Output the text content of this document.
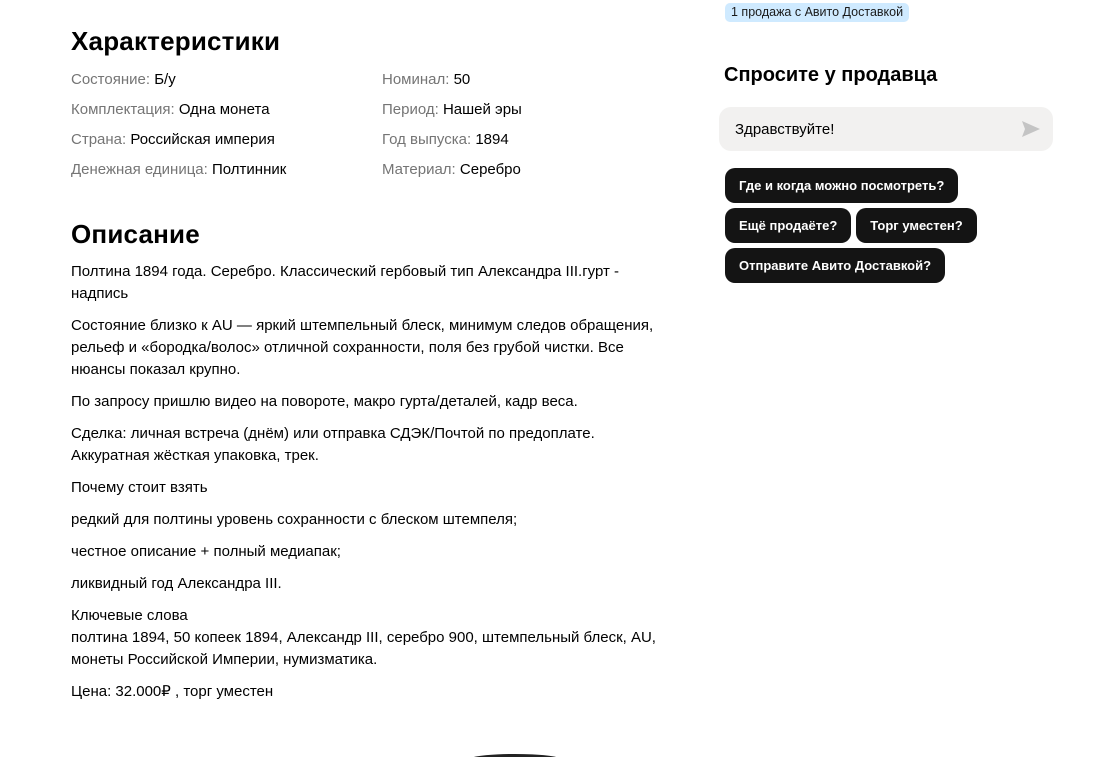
Характеристики
Состояние: Б/у	Номинал: 50
Комплектация: Одна монета	Период: Нашей эры
Страна: Российская империя	Год выпуска: 1894
Денежная единица: Полтинник	Материал: Серебро
Описание

Полтина 1894 года. Серебро. Классический гербовый тип Александра III.гурт - надпись

Состояние близко к AU — яркий штемпельный блеск, минимум следов обращения, рельеф и «бородка/волос» отличной сохранности, поля без грубой чистки. Все нюансы показал крупно.

По запросу пришлю видео на повороте, макро гурта/деталей, кадр веса.

Сделка: личная встреча (днём) или отправка СДЭК/Почтой по предоплате. Аккуратная жёсткая упаковка, трек.

Почему стоит взять

редкий для полтины уровень сохранности с блеском штемпеля;

честное описание + полный медиапак;

ликвидный год Александра III.

Ключевые слова

полтина 1894, 50 копеек 1894, Александр III, серебро 900, штемпельный блеск, AU, монеты Российской Империи, нумизматика.

Цена: 32.000₽ , торг уместен

1 продажа с Авито Доставкой
Спросите у продавца
Здравствуйте!
Где и когда можно посмотреть?
Ещё продаёте?	Торг уместен?
Отправите Авито Доставкой?
